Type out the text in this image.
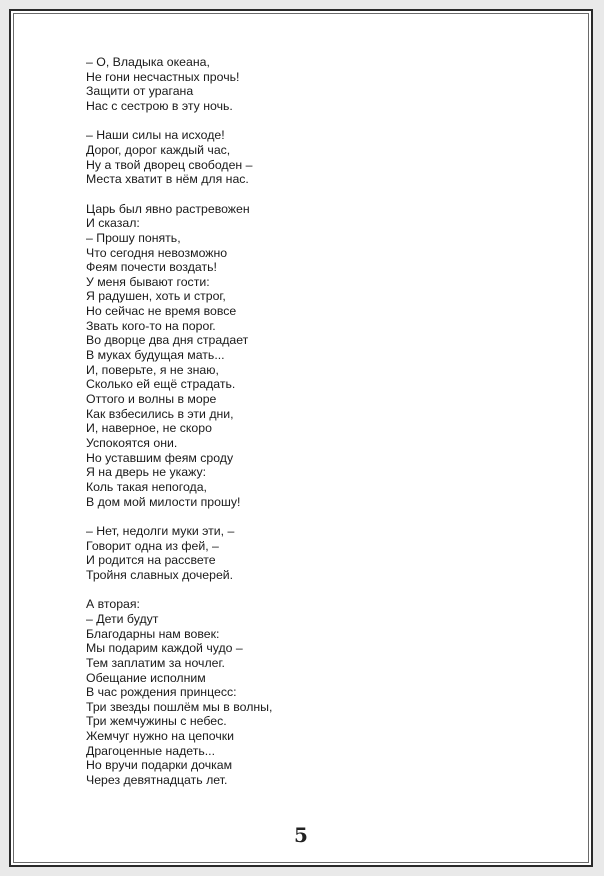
– О, Владыка океана,
Не гони несчастных прочь!
Защити от урагана
Нас с сестрою в эту ночь.
– Наши силы на исходе!
Дорог, дорог каждый час,
Ну а твой дворец свободен –
Места хватит в нём для нас.
Царь был явно растревожен
И сказал:
– Прошу понять,
Что сегодня невозможно
Феям почести воздать!
У меня бывают гости:
Я радушен, хоть и строг,
Но сейчас не время вовсе
Звать кого-то на порог.
Во дворце два дня страдает
В муках будущая мать...
И, поверьте, я не знаю,
Сколько ей ещё страдать.
Оттого и волны в море
Как взбесились в эти дни,
И, наверное, не скоро
Успокоятся они.
Но уставшим феям сроду
Я на дверь не укажу:
Коль такая непогода,
В дом мой милости прошу!
– Нет, недолги муки эти, –
Говорит одна из фей, –
И родится на рассвете
Тройня славных дочерей.
А вторая:
– Дети будут
Благодарны нам вовек:
Мы подарим каждой чудо –
Тем заплатим за ночлег.
Обещание исполним
В час рождения принцесс:
Три звезды пошлём мы в волны,
Три жемчужины с небес.
Жемчуг нужно на цепочки
Драгоценные надеть...
Но вручи подарки дочкам
Через девятнадцать лет.
5
